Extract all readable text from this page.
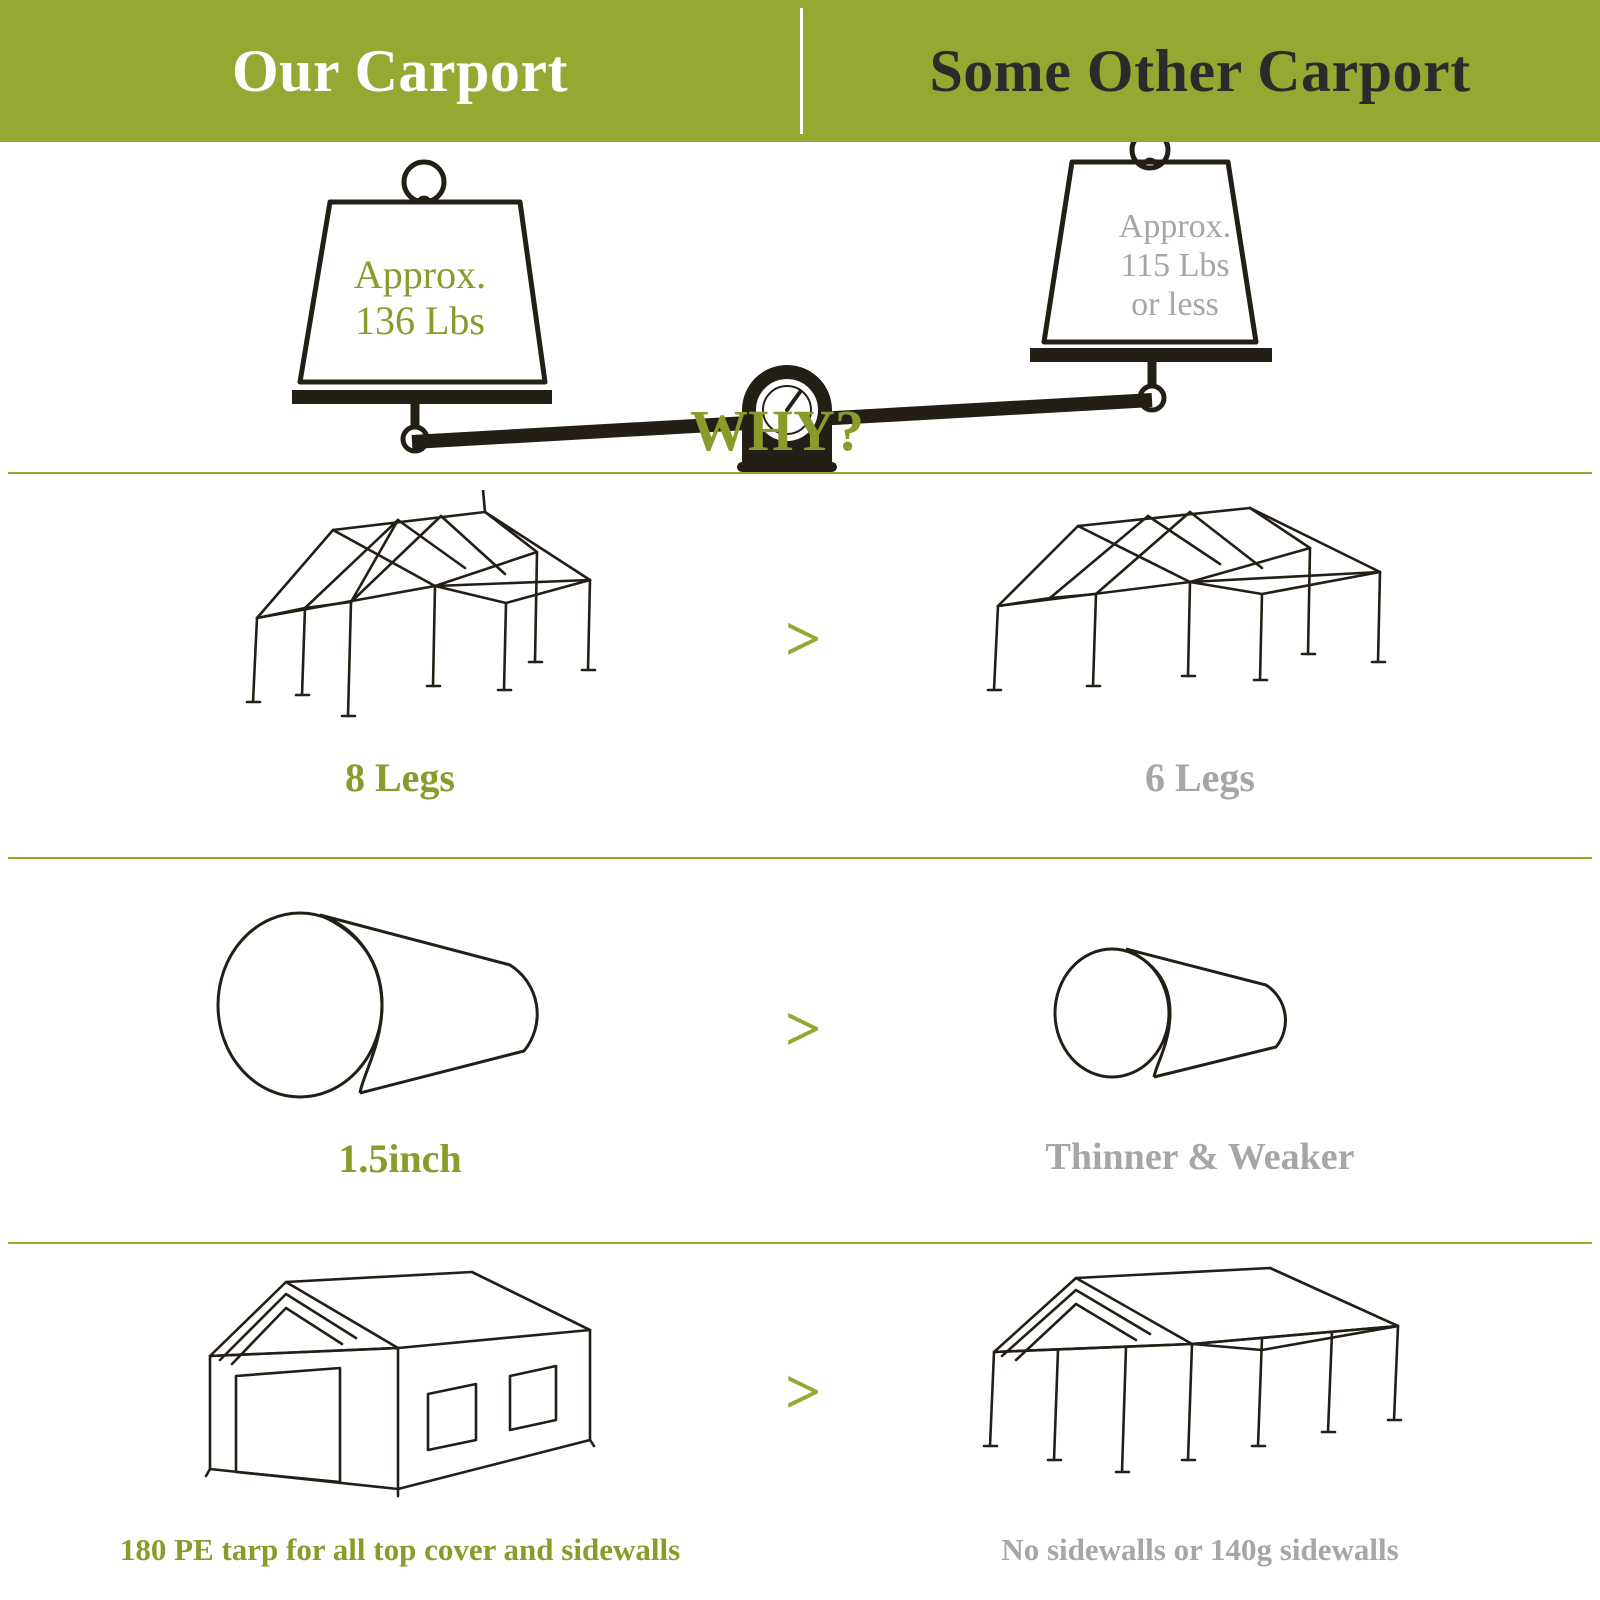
Our Carport	Some Other Carport
Approx.
136 Lbs
Approx.
115 Lbs
or less
WHY?
8 Legs
>
6 Legs
1.5inch
>
Thinner & Weaker
180 PE tarp for all top cover and sidewalls
>
No sidewalls or 140g sidewalls
